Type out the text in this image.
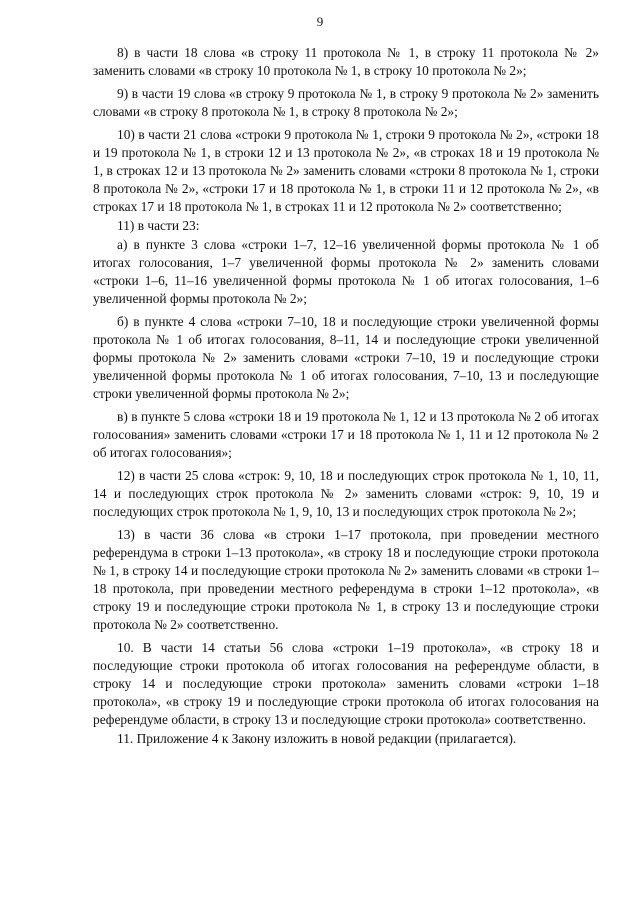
9

8) в части 18 слова «в строку 11 протокола № 1, в строку 11 протокола № 2» заменить словами «в строку 10 протокола № 1, в строку 10 протокола № 2»;

9) в части 19 слова «в строку 9 протокола № 1, в строку 9 протокола № 2» заменить словами «в строку 8 протокола № 1, в строку 8 протокола № 2»;

10) в части 21 слова «строки 9 протокола № 1, строки 9 протокола № 2», «строки 18 и 19 протокола № 1, в строки 12 и 13 протокола № 2», «в строках 18 и 19 протокола № 1, в строках 12 и 13 протокола № 2» заменить словами «строки 8 протокола № 1, строки 8 протокола № 2», «строки 17 и 18 протокола № 1, в строки 11 и 12 протокола № 2», «в строках 17 и 18 протокола № 1, в строках 11 и 12 протокола № 2» соответственно;

11) в части 23:

а) в пункте 3 слова «строки 1–7, 12–16 увеличенной формы протокола № 1 об итогах голосования, 1–7 увеличенной формы протокола № 2» заменить словами «строки 1–6, 11–16 увеличенной формы протокола № 1 об итогах голосования, 1–6 увеличенной формы протокола № 2»;

б) в пункте 4 слова «строки 7–10, 18 и последующие строки увеличенной формы протокола № 1 об итогах голосования, 8–11, 14 и последующие строки увеличенной формы протокола № 2» заменить словами «строки 7–10, 19 и последующие строки увеличенной формы протокола № 1 об итогах голосования, 7–10, 13 и последующие строки увеличенной формы протокола № 2»;

в) в пункте 5 слова «строки 18 и 19 протокола № 1, 12 и 13 протокола № 2 об итогах голосования» заменить словами «строки 17 и 18 протокола № 1, 11 и 12 протокола № 2 об итогах голосования»;

12) в части 25 слова «строк: 9, 10, 18 и последующих строк протокола № 1, 10, 11, 14 и последующих строк протокола № 2» заменить словами «строк: 9, 10, 19 и последующих строк протокола № 1, 9, 10, 13 и последующих строк протокола № 2»;

13) в части 36 слова «в строки 1–17 протокола, при проведении местного референдума в строки 1–13 протокола», «в строку 18 и последующие строки протокола № 1, в строку 14 и последующие строки протокола № 2» заменить словами «в строки 1–18 протокола, при проведении местного референдума в строки 1–12 протокола», «в строку 19 и последующие строки протокола № 1, в строку 13 и последующие строки протокола № 2» соответственно.

10. В части 14 статьи 56 слова «строки 1–19 протокола», «в строку 18 и последующие строки протокола об итогах голосования на референдуме области, в строку 14 и последующие строки протокола» заменить словами «строки 1–18 протокола», «в строку 19 и последующие строки протокола об итогах голосования на референдуме области, в строку 13 и последующие строки протокола» соответственно.

11. Приложение 4 к Закону изложить в новой редакции (прилагается).
